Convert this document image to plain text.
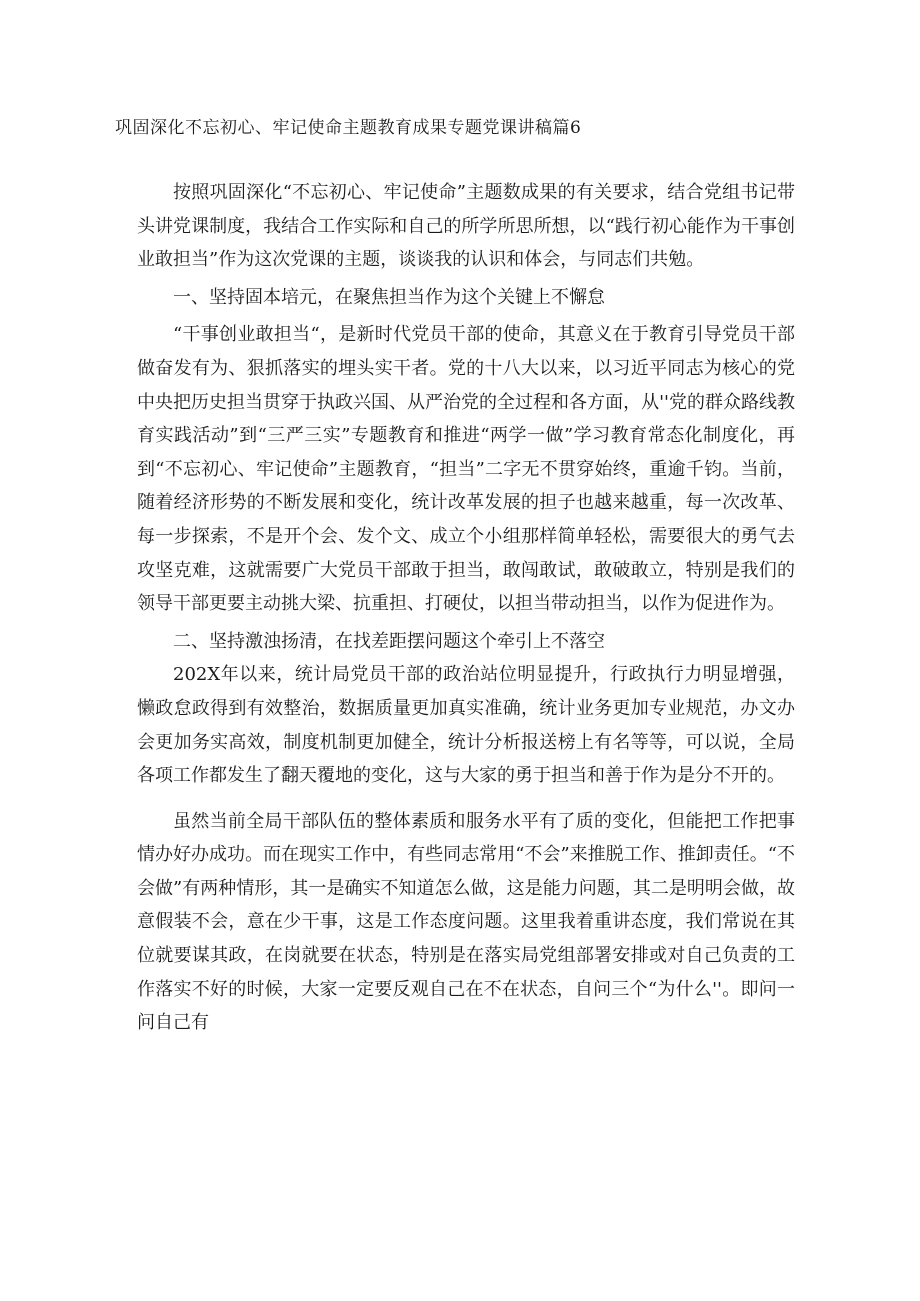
巩固深化不忘初心、牢记使命主题教育成果专题党课讲稿篇6

按照巩固深化“不忘初心、牢记使命”主题数成果的有关要求，结合党组书记带头讲党课制度，我结合工作实际和自己的所学所思所想，以“践行初心能作为干事创业敢担当”作为这次党课的主题，谈谈我的认识和体会，与同志们共勉。

一、坚持固本培元，在聚焦担当作为这个关键上不懈怠

“干事创业敢担当“，是新时代党员干部的使命，其意义在于教育引导党员干部做奋发有为、狠抓落实的埋头实干者。党的十八大以来，以习近平同志为核心的党中央把历史担当贯穿于执政兴国、从严治党的全过程和各方面，从''党的群众路线教育实践活动”到“三严三实”专题教育和推进“两学一做”学习教育常态化制度化，再到“不忘初心、牢记使命”主题教育，“担当”二字无不贯穿始终，重逾千钧。当前，随着经济形势的不断发展和变化，统计改革发展的担子也越来越重，每一次改革、每一步探索，不是开个会、发个文、成立个小组那样简单轻松，需要很大的勇气去攻坚克难，这就需要广大党员干部敢于担当，敢闯敢试，敢破敢立，特别是我们的领导干部更要主动挑大梁、抗重担、打硬仗，以担当带动担当，以作为促进作为。

二、坚持激浊扬清，在找差距摆问题这个牵引上不落空

202X年以来，统计局党员干部的政治站位明显提升，行政执行力明显增强，懒政怠政得到有效整治，数据质量更加真实准确，统计业务更加专业规范，办文办会更加务实高效，制度机制更加健全，统计分析报送榜上有名等等，可以说，全局各项工作都发生了翻天覆地的变化，这与大家的勇于担当和善于作为是分不开的。

虽然当前全局干部队伍的整体素质和服务水平有了质的变化，但能把工作把事情办好办成功。而在现实工作中，有些同志常用“不会”来推脱工作、推卸责任。“不会做”有两种情形，其一是确实不知道怎么做，这是能力问题，其二是明明会做，故意假装不会，意在少干事，这是工作态度问题。这里我着重讲态度，我们常说在其位就要谋其政，在岗就要在状态，特别是在落实局党组部署安排或对自己负责的工作落实不好的时候，大家一定要反观自己在不在状态，自问三个“为什么''。即问一问自己有
